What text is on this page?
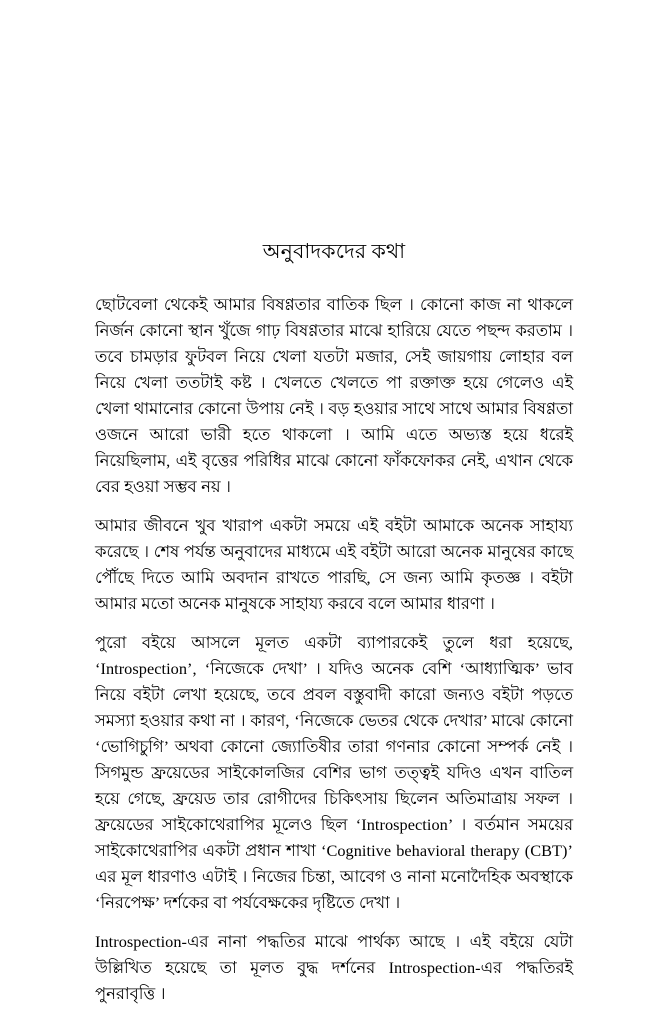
অনুবাদকদের কথা

ছোটবেলা থেকেই আমার বিষণ্ণতার বাতিক ছিল । কোনো কাজ না থাকলে নির্জন কোনো স্থান খুঁজে গাঢ় বিষণ্ণতার মাঝে হারিয়ে যেতে পছন্দ করতাম । তবে চামড়ার ফুটবল নিয়ে খেলা যতটা মজার, সেই জায়গায় লোহার বল নিয়ে খেলা ততটাই কষ্ট । খেলতে খেলতে পা রক্তাক্ত হয়ে গেলেও এই খেলা থামানোর কোনো উপায় নেই । বড় হওয়ার সাথে সাথে আমার বিষণ্ণতা ওজনে আরো ভারী হতে থাকলো । আমি এতে অভ্যস্ত হয়ে ধরেই নিয়েছিলাম, এই বৃত্তের পরিধির মাঝে কোনো ফাঁকফোকর নেই, এখান থেকে বের হওয়া সম্ভব নয় ।

আমার জীবনে খুব খারাপ একটা সময়ে এই বইটা আমাকে অনেক সাহায্য করেছে । শেষ পর্যন্ত অনুবাদের মাধ্যমে এই বইটা আরো অনেক মানুষের কাছে পৌঁছে দিতে আমি অবদান রাখতে পারছি, সে জন্য আমি কৃতজ্ঞ । বইটা আমার মতো অনেক মানুষকে সাহায্য করবে বলে আমার ধারণা ।

পুরো বইয়ে আসলে মূলত একটা ব্যাপারকেই তুলে ধরা হয়েছে, ‘Introspection’, ‘নিজেকে দেখা’ । যদিও অনেক বেশি ‘আধ্যাত্মিক’ ভাব নিয়ে বইটা লেখা হয়েছে, তবে প্রবল বস্তুবাদী কারো জন্যও বইটা পড়তে সমস্যা হওয়ার কথা না । কারণ, ‘নিজেকে ভেতর থেকে দেখার’ মাঝে কোনো ‘ভোগিচুগি’ অথবা কোনো জ্যোতিষীর তারা গণনার কোনো সম্পর্ক নেই । সিগমুন্ড ফ্রয়েডের সাইকোলজির বেশির ভাগ তত্ত্বই যদিও এখন বাতিল হয়ে গেছে, ফ্রয়েড তার রোগীদের চিকিৎসায় ছিলেন অতিমাত্রায় সফল । ফ্রয়েডের সাইকোথেরাপির মূলেও ছিল ‘Introspection’ । বর্তমান সময়ের সাইকোথেরাপির একটা প্রধান শাখা ‘Cognitive behavioral therapy (CBT)’ এর মূল ধারণাও এটাই । নিজের চিন্তা, আবেগ ও নানা মনোদৈহিক অবস্থাকে ‘নিরপেক্ষ’ দর্শকের বা পর্যবেক্ষকের দৃষ্টিতে দেখা ।

Introspection-এর নানা পদ্ধতির মাঝে পার্থক্য আছে । এই বইয়ে যেটা উল্লিখিত হয়েছে তা মূলত বুদ্ধ দর্শনের Introspection-এর পদ্ধতিরই পুনরাবৃত্তি ।
